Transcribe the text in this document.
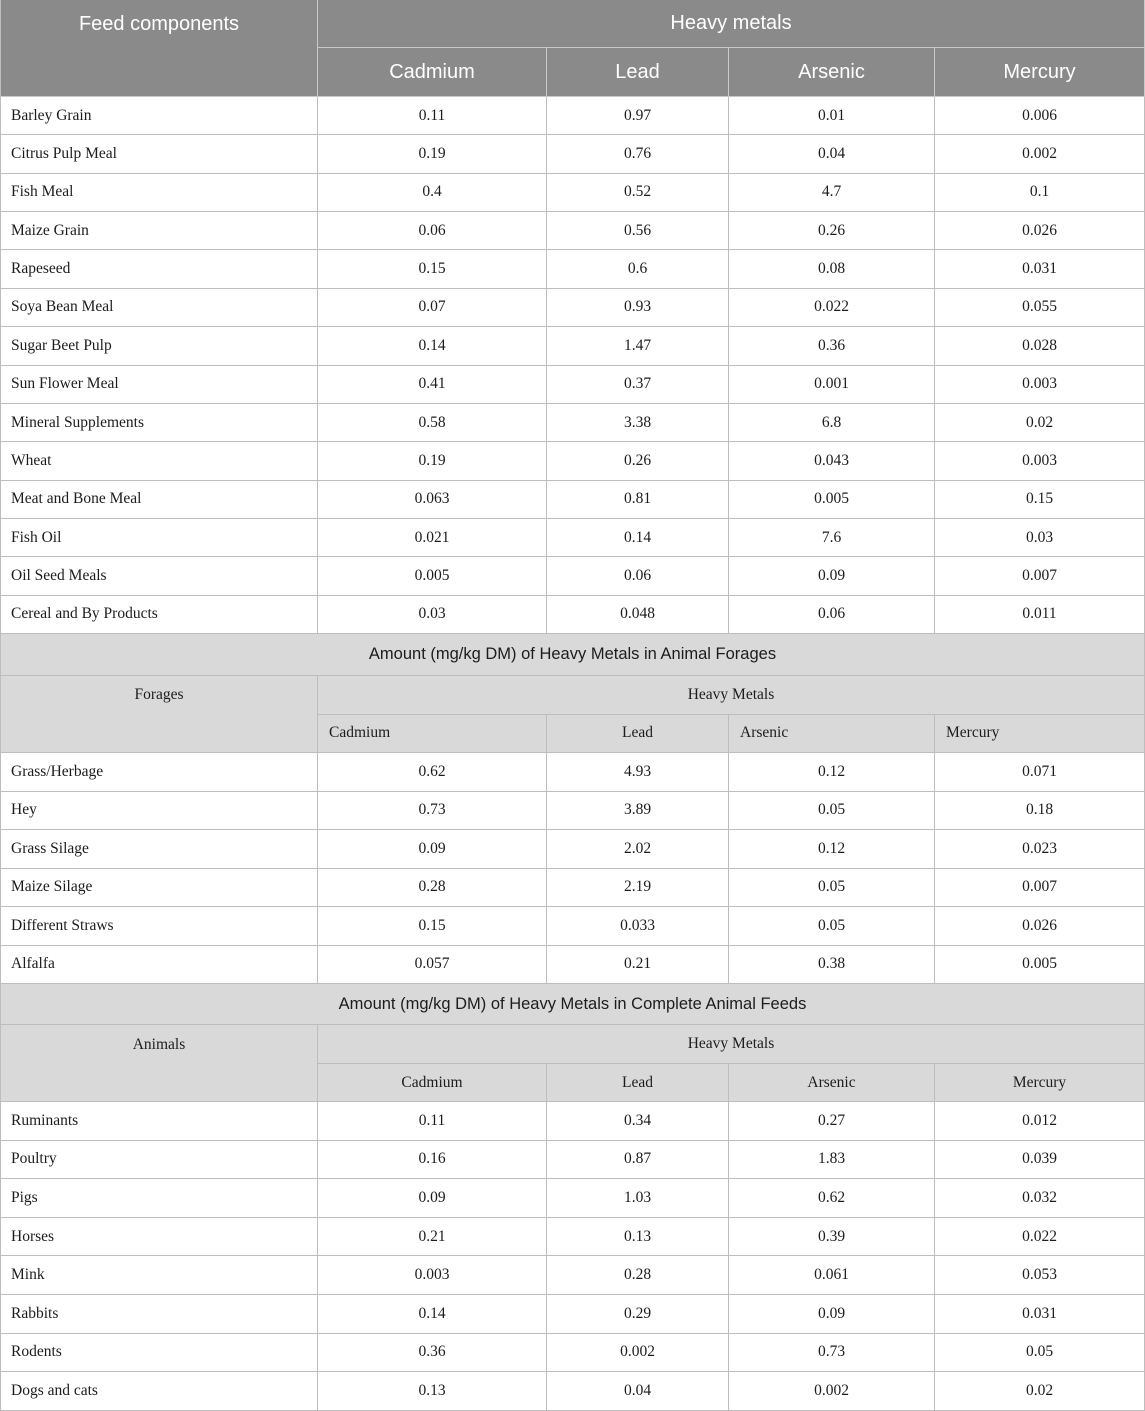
Feed components	Heavy metals
Cadmium	Lead	Arsenic	Mercury
Barley Grain	0.11	0.97	0.01	0.006
Citrus Pulp Meal	0.19	0.76	0.04	0.002
Fish Meal	0.4	0.52	4.7	0.1
Maize Grain	0.06	0.56	0.26	0.026
Rapeseed	0.15	0.6	0.08	0.031
Soya Bean Meal	0.07	0.93	0.022	0.055
Sugar Beet Pulp	0.14	1.47	0.36	0.028
Sun Flower Meal	0.41	0.37	0.001	0.003
Mineral Supplements	0.58	3.38	6.8	0.02
Wheat	0.19	0.26	0.043	0.003
Meat and Bone Meal	0.063	0.81	0.005	0.15
Fish Oil	0.021	0.14	7.6	0.03
Oil Seed Meals	0.005	0.06	0.09	0.007
Cereal and By Products	0.03	0.048	0.06	0.011
Amount (mg/kg DM) of Heavy Metals in Animal Forages
Forages	Heavy Metals
Cadmium	Lead	Arsenic	Mercury
Grass/Herbage	0.62	4.93	0.12	0.071
Hey	0.73	3.89	0.05	0.18
Grass Silage	0.09	2.02	0.12	0.023
Maize Silage	0.28	2.19	0.05	0.007
Different Straws	0.15	0.033	0.05	0.026
Alfalfa	0.057	0.21	0.38	0.005
Amount (mg/kg DM) of Heavy Metals in Complete Animal Feeds
Animals	Heavy Metals
Cadmium	Lead	Arsenic	Mercury
Ruminants	0.11	0.34	0.27	0.012
Poultry	0.16	0.87	1.83	0.039
Pigs	0.09	1.03	0.62	0.032
Horses	0.21	0.13	0.39	0.022
Mink	0.003	0.28	0.061	0.053
Rabbits	0.14	0.29	0.09	0.031
Rodents	0.36	0.002	0.73	0.05
Dogs and cats	0.13	0.04	0.002	0.02
